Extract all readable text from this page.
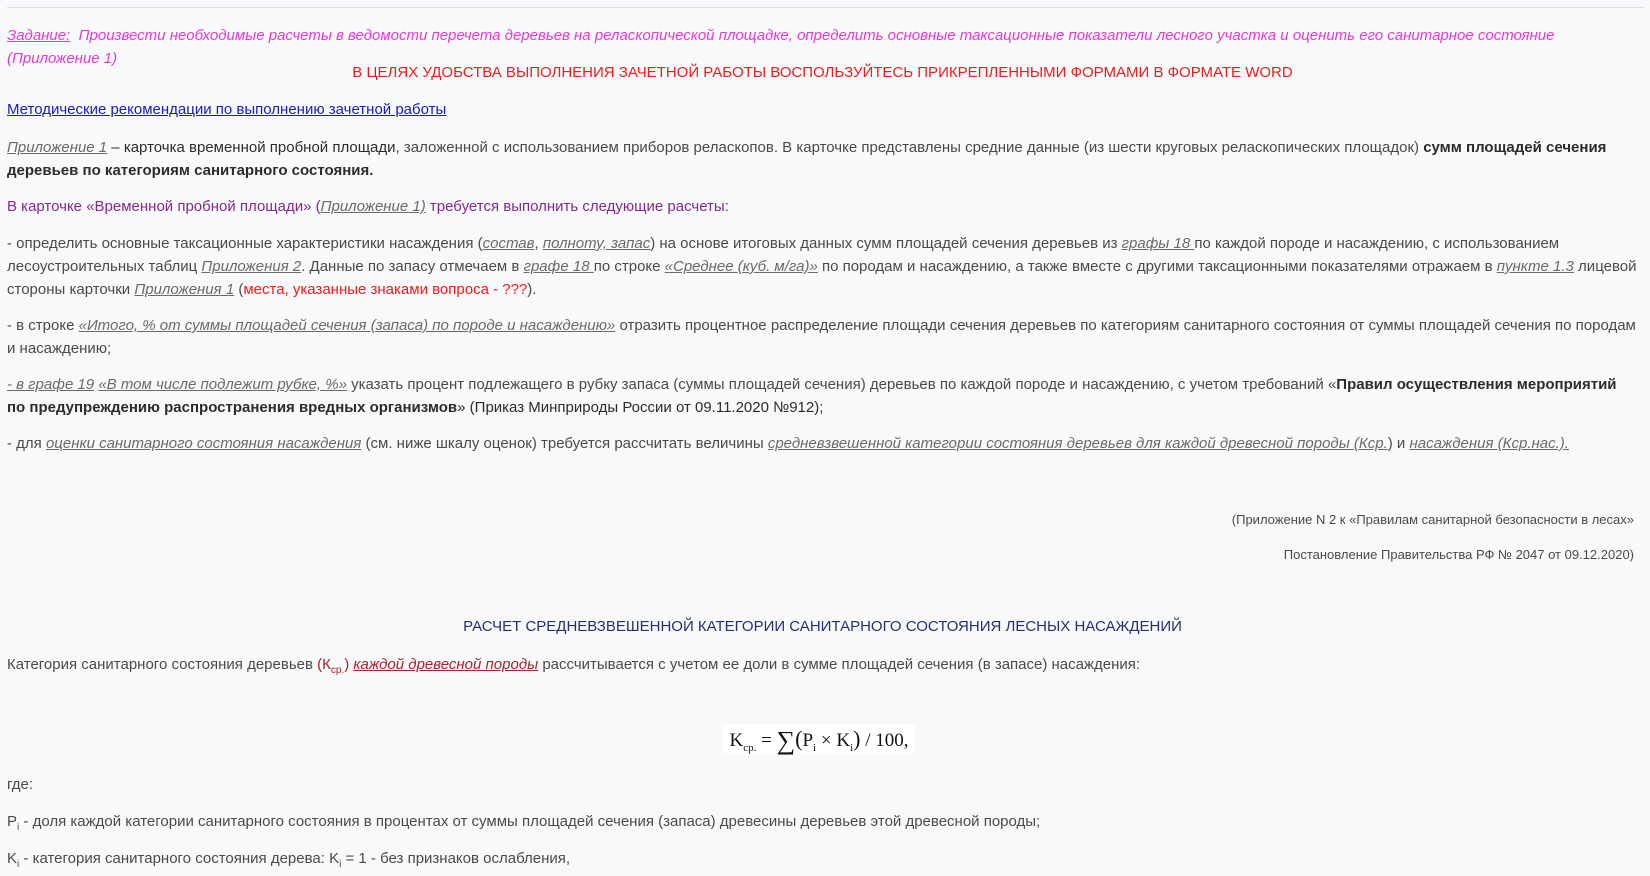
Задание: Произвести необходимые расчеты в ведомости перечета деревьев на реласкопической площадке, определить основные таксационные показатели лесного участка и оценить его санитарное состояние (Приложение 1)
В ЦЕЛЯХ УДОБСТВА ВЫПОЛНЕНИЯ ЗАЧЕТНОЙ РАБОТЫ ВОСПОЛЬЗУЙТЕСЬ ПРИКРЕПЛЕННЫМИ ФОРМАМИ В ФОРМАТЕ WORD
Методические рекомендации по выполнению зачетной работы
Приложение 1 – карточка временной пробной площади, заложенной с использованием приборов реласкопов. В карточке представлены средние данные (из шести круговых реласкопических площадок) сумм площадей сечения деревьев по категориям санитарного состояния.
В карточке «Временной пробной площади» (Приложение 1) требуется выполнить следующие расчеты:
- определить основные таксационные характеристики насаждения (состав, полноту, запас) на основе итоговых данных сумм площадей сечения деревьев из графы 18 по каждой породе и насаждению, с использованием лесоустроительных таблиц Приложения 2. Данные по запасу отмечаем в графе 18 по строке «Среднее (куб. м/га)» по породам и насаждению, а также вместе с другими таксационными показателями отражаем в пункте 1.3 лицевой стороны карточки Приложения 1 (места, указанные знаками вопроса - ???).
- в строке «Итого, % от суммы площадей сечения (запаса) по породе и насаждению» отразить процентное распределение площади сечения деревьев по категориям санитарного состояния от суммы площадей сечения по породам и насаждению;
- в графе 19 «В том числе подлежит рубке, %» указать процент подлежащего в рубку запаса (суммы площадей сечения) деревьев по каждой породе и насаждению, с учетом требований «Правил осуществления мероприятий по предупреждению распространения вредных организмов» (Приказ Минприроды России от 09.11.2020 №912);
- для оценки санитарного состояния насаждения (см. ниже шкалу оценок) требуется рассчитать величины средневзвешенной категории состояния деревьев для каждой древесной породы (Кср.) и насаждения (Кср.нас.).
(Приложение N 2 к «Правилам санитарной безопасности в лесах»
Постановление Правительства РФ № 2047 от 09.12.2020)
РАСЧЕТ СРЕДНЕВЗВЕШЕННОЙ КАТЕГОРИИ САНИТАРНОГО СОСТОЯНИЯ ЛЕСНЫХ НАСАЖДЕНИЙ
Категория санитарного состояния деревьев $(К_{ср.})$ каждой древесной породы рассчитывается с учетом ее доли в сумме площадей сечения (в запасе) насаждения:
$K_{ср.} = \sum(P_i \times K_i) / 100$,
где:
$P_i$ - доля каждой категории санитарного состояния в процентах от суммы площадей сечения (запаса) древесины деревьев этой древесной породы;
$K_i$ - категория санитарного состояния дерева: $K_i = 1$ - без признаков ослабления,
